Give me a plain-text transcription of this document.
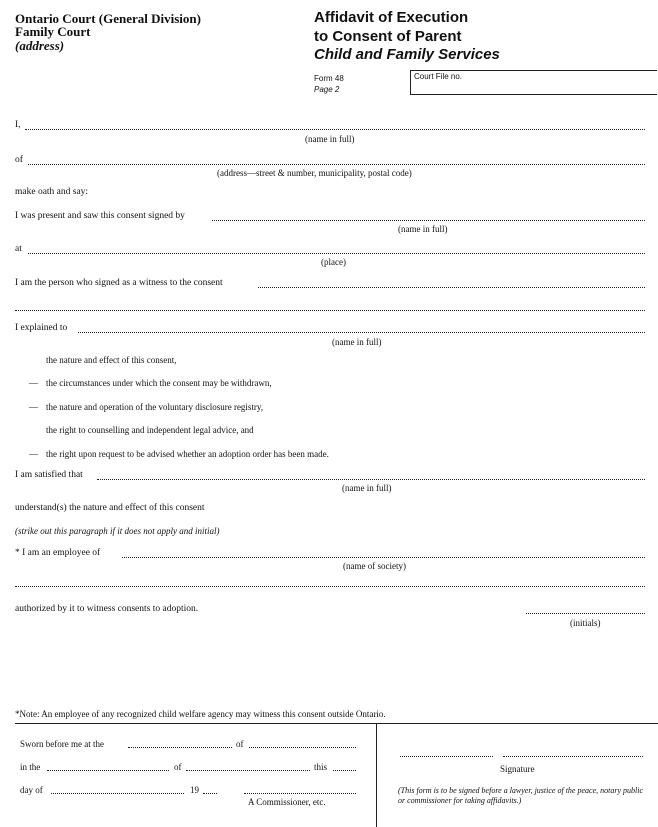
Ontario Court (General Division)
Family Court
(address)
Affidavit of Execution
to Consent of Parent
Child and Family Services
Form 48
Page 2
Court File no.
I,
(name in full)
of
(address—street & number, municipality, postal code)
make oath and say:
I was present and saw this consent signed by
(name in full)
at
(place)
I am the person who signed as a witness to the consent
I explained to
(name in full)
—
—
—
the nature and effect of this consent,
the circumstances under which the consent may be withdrawn,
the nature and operation of the voluntary disclosure registry,
the right to counselling and independent legal advice, and
the right upon request to be advised whether an adoption order has been made.
I am satisfied that
(name in full)
understand(s) the nature and effect of this consent
(strike out this paragraph if it does not apply and initial)
* I am an employee of
(name of society)
authorized by it to witness consents to adoption.
(initials)
*Note: An employee of any recognized child welfare agency may witness this consent outside Ontario.
Sworn before me at the	of
in the	of	this
day of	19
A Commissioner, etc.
Signature
(This form is to be signed before a lawyer, justice of the peace, notary public or commissioner for taking affidavits.)
